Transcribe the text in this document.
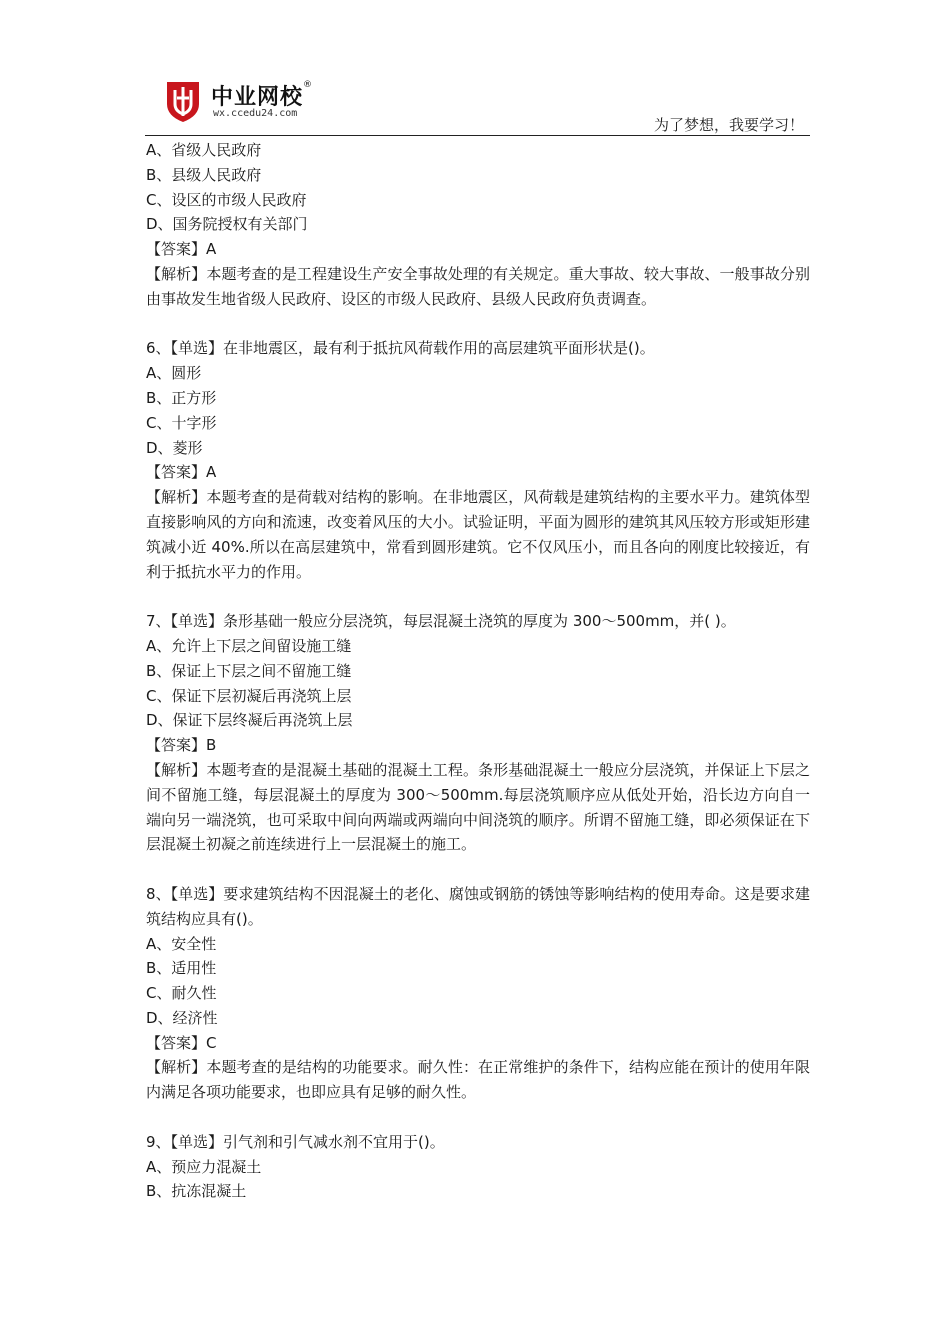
中业网校®
wx.ccedu24.com
为了梦想，我要学习！
A、省级人民政府
B、县级人民政府
C、设区的市级人民政府
D、国务院授权有关部门
【答案】A
【解析】本题考查的是工程建设生产安全事故处理的有关规定。重大事故、较大事故、一般事故分别由事故发生地省级人民政府、设区的市级人民政府、县级人民政府负责调查。
6、【单选】在非地震区，最有利于抵抗风荷载作用的高层建筑平面形状是()。
A、圆形
B、正方形
C、十字形
D、菱形
【答案】A
【解析】本题考查的是荷载对结构的影响。在非地震区，风荷载是建筑结构的主要水平力。建筑体型直接影响风的方向和流速，改变着风压的大小。试验证明，平面为圆形的建筑其风压较方形或矩形建筑减小近 40%.所以在高层建筑中，常看到圆形建筑。它不仅风压小，而且各向的刚度比较接近，有利于抵抗水平力的作用。
7、【单选】条形基础一般应分层浇筑，每层混凝土浇筑的厚度为 300～500mm，并( )。
A、允许上下层之间留设施工缝
B、保证上下层之间不留施工缝
C、保证下层初凝后再浇筑上层
D、保证下层终凝后再浇筑上层
【答案】B
【解析】本题考查的是混凝土基础的混凝土工程。条形基础混凝土一般应分层浇筑，并保证上下层之间不留施工缝，每层混凝土的厚度为 300～500mm.每层浇筑顺序应从低处开始，沿长边方向自一端向另一端浇筑，也可采取中间向两端或两端向中间浇筑的顺序。所谓不留施工缝，即必须保证在下层混凝土初凝之前连续进行上一层混凝土的施工。
8、【单选】要求建筑结构不因混凝土的老化、腐蚀或钢筋的锈蚀等影响结构的使用寿命。这是要求建筑结构应具有()。
A、安全性
B、适用性
C、耐久性
D、经济性
【答案】C
【解析】本题考查的是结构的功能要求。耐久性：在正常维护的条件下，结构应能在预计的使用年限内满足各项功能要求，也即应具有足够的耐久性。
9、【单选】引气剂和引气减水剂不宜用于()。
A、预应力混凝土
B、抗冻混凝土
